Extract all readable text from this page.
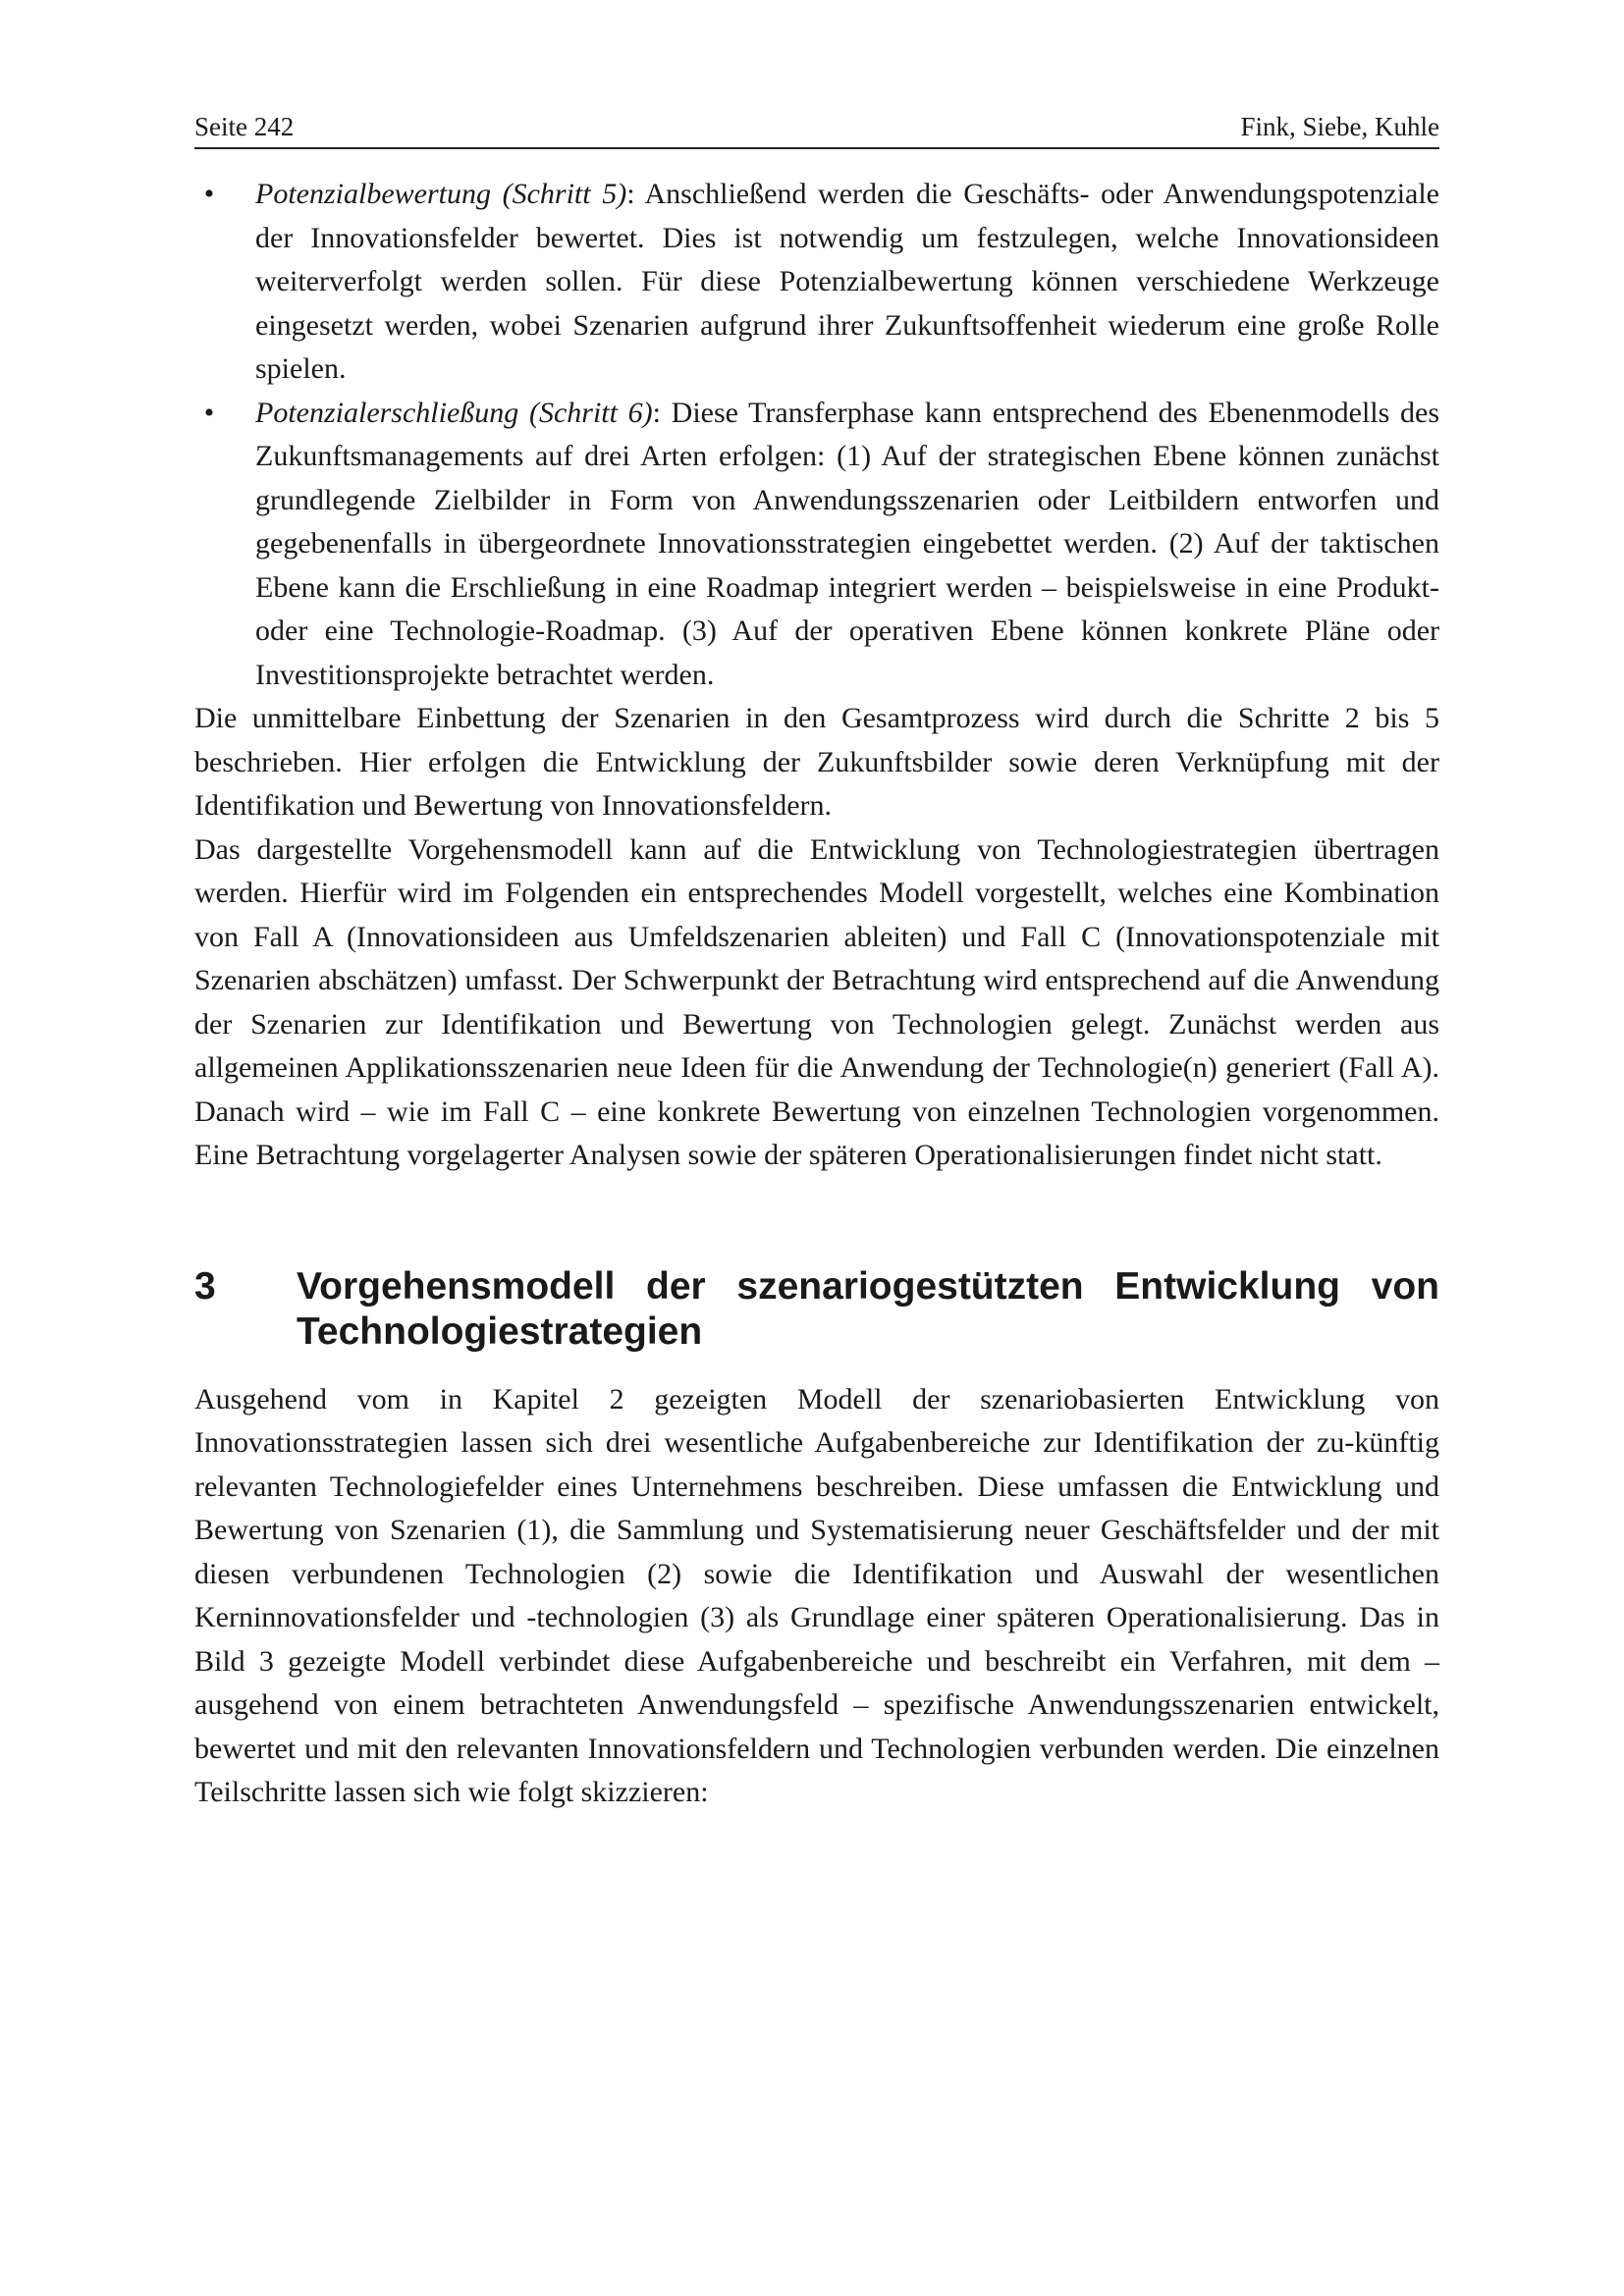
Seite 242	Fink, Siebe, Kuhle
•	Potenzialbewertung (Schritt 5): Anschließend werden die Geschäfts- oder Anwendungspotenziale der Innovationsfelder bewertet. Dies ist notwendig um festzulegen, welche Innovationsideen weiterverfolgt werden sollen. Für diese Potenzialbewertung können verschiedene Werkzeuge eingesetzt werden, wobei Szenarien aufgrund ihrer Zukunftsoffenheit wiederum eine große Rolle spielen.
•	Potenzialerschließung (Schritt 6): Diese Transferphase kann entsprechend des Ebenenmodells des Zukunftsmanagements auf drei Arten erfolgen: (1) Auf der strategischen Ebene können zunächst grundlegende Zielbilder in Form von Anwendungsszenarien oder Leitbildern entworfen und gegebenenfalls in übergeordnete Innovationsstrategien eingebettet werden. (2) Auf der taktischen Ebene kann die Erschließung in eine Roadmap integriert werden – beispielsweise in eine Produkt- oder eine Technologie-Roadmap. (3) Auf der operativen Ebene können konkrete Pläne oder Investitionsprojekte betrachtet werden.

Die unmittelbare Einbettung der Szenarien in den Gesamtprozess wird durch die Schritte 2 bis 5 beschrieben. Hier erfolgen die Entwicklung der Zukunftsbilder sowie deren Verknüpfung mit der Identifikation und Bewertung von Innovationsfeldern.

Das dargestellte Vorgehensmodell kann auf die Entwicklung von Technologiestrategien übertragen werden. Hierfür wird im Folgenden ein entsprechendes Modell vorgestellt, welches eine Kombination von Fall A (Innovationsideen aus Umfeldszenarien ableiten) und Fall C (Innovationspotenziale mit Szenarien abschätzen) umfasst. Der Schwerpunkt der Betrachtung wird entsprechend auf die Anwendung der Szenarien zur Identifikation und Bewertung von Technologien gelegt. Zunächst werden aus allgemeinen Applikationsszenarien neue Ideen für die Anwendung der Technologie(n) generiert (Fall A). Danach wird – wie im Fall C – eine konkrete Bewertung von einzelnen Technologien vorgenommen. Eine Betrachtung vorgelagerter Analysen sowie der späteren Operationalisierungen findet nicht statt.

3	Vorgehensmodell der szenariogestützten Entwicklung von Technologiestrategien

Ausgehend vom in Kapitel 2 gezeigten Modell der szenariobasierten Entwicklung von Innovationsstrategien lassen sich drei wesentliche Aufgabenbereiche zur Identifikation der zu-künftig relevanten Technologiefelder eines Unternehmens beschreiben. Diese umfassen die Entwicklung und Bewertung von Szenarien (1), die Sammlung und Systematisierung neuer Geschäftsfelder und der mit diesen verbundenen Technologien (2) sowie die Identifikation und Auswahl der wesentlichen Kerninnovationsfelder und -technologien (3) als Grundlage einer späteren Operationalisierung. Das in Bild 3 gezeigte Modell verbindet diese Aufgabenbereiche und beschreibt ein Verfahren, mit dem – ausgehend von einem betrachteten Anwendungsfeld – spezifische Anwendungsszenarien entwickelt, bewertet und mit den relevanten Innovationsfeldern und Technologien verbunden werden. Die einzelnen Teilschritte lassen sich wie folgt skizzieren:
